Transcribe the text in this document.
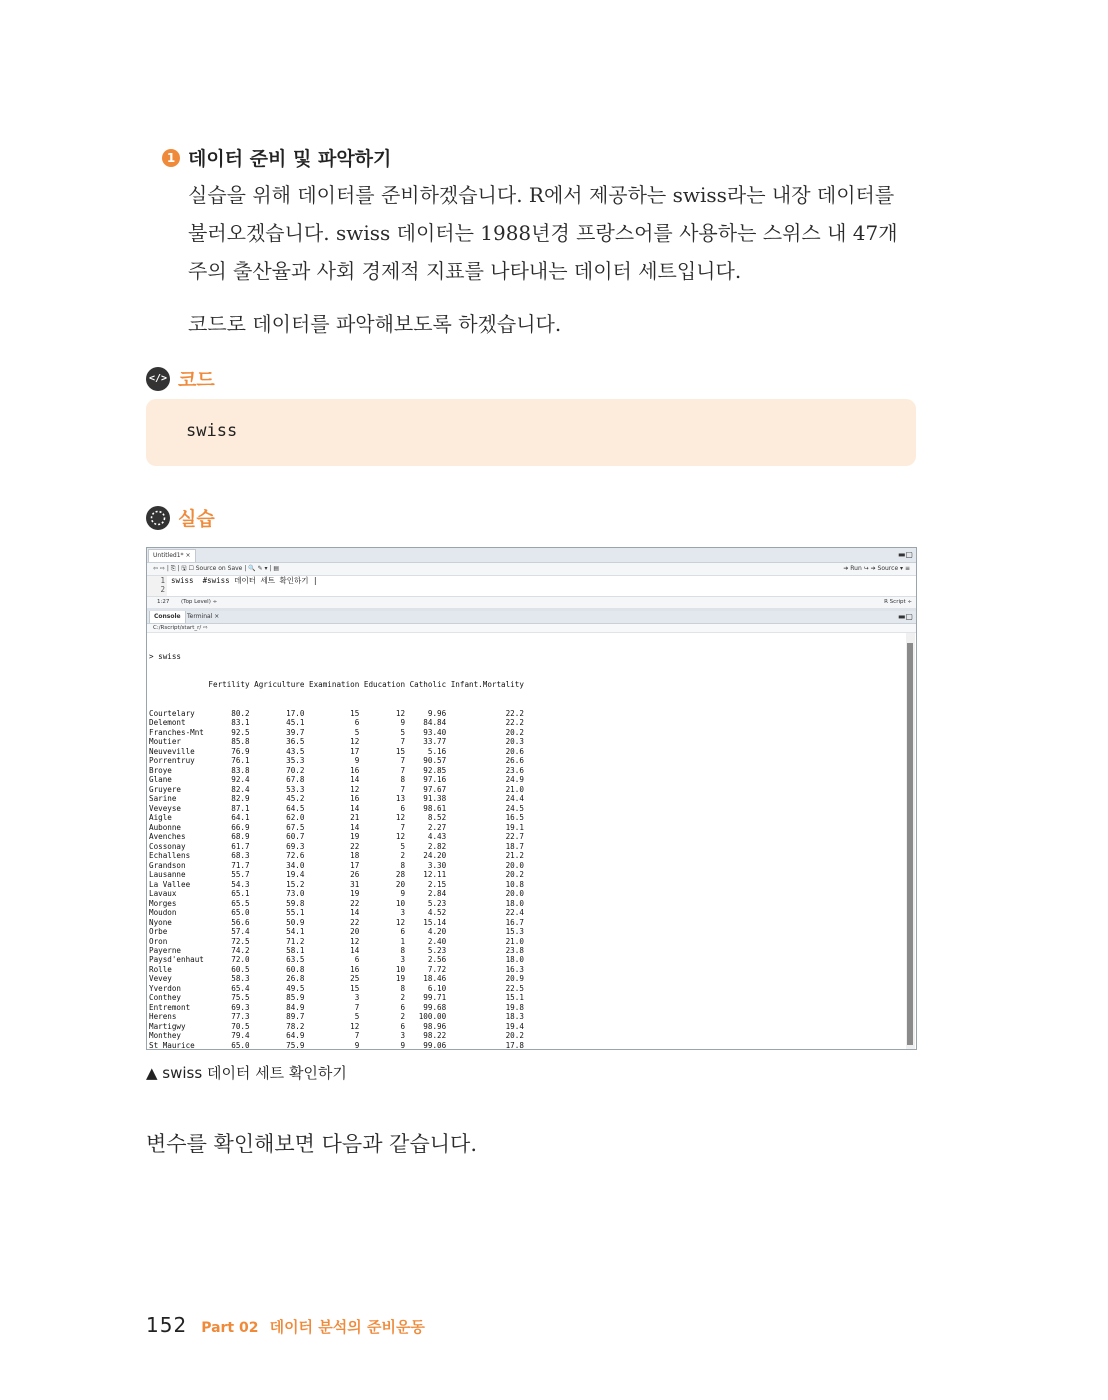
1 데이터 준비 및 파악하기
실습을 위해 데이터를 준비하겠습니다. R에서 제공하는 swiss라는 내장 데이터를 불러오겠습니다. swiss 데이터는 1988년경 프랑스어를 사용하는 스위스 내 47개 주의 출산율과 사회 경제적 지표를 나타내는 데이터 세트입니다.
코드로 데이터를 파악해보도록 하겠습니다.
</> 코드
swiss
실습
Untitled1* ×	▬▢
⇦ ⇨ | ⎘ | 🖫 ☐ Source on Save | 🔍 ✎ ▾ | ▤	➔ Run ↪ ➔ Source ▾ ≡
1
2
swiss  #swiss 데이터 세트 확인하기 |

1:27 (Top Level) ÷	R Script ÷
Console	Terminal ×	▬▢
C:/Rscript/start_r/ ⇨

> swiss

Fertility Agriculture Examination Education Catholic Infant.Mortality

Courtelary        80.2        17.0          15        12     9.96             22.2
Delemont          83.1        45.1           6         9    84.84             22.2
Franches-Mnt      92.5        39.7           5         5    93.40             20.2
Moutier           85.8        36.5          12         7    33.77             20.3
Neuveville        76.9        43.5          17        15     5.16             20.6
Porrentruy        76.1        35.3           9         7    90.57             26.6
Broye             83.8        70.2          16         7    92.85             23.6
Glane             92.4        67.8          14         8    97.16             24.9
Gruyere           82.4        53.3          12         7    97.67             21.0
Sarine            82.9        45.2          16        13    91.38             24.4
Veveyse           87.1        64.5          14         6    98.61             24.5
Aigle             64.1        62.0          21        12     8.52             16.5
Aubonne           66.9        67.5          14         7     2.27             19.1
Avenches          68.9        60.7          19        12     4.43             22.7
Cossonay          61.7        69.3          22         5     2.82             18.7
Echallens         68.3        72.6          18         2    24.20             21.2
Grandson          71.7        34.0          17         8     3.30             20.0
Lausanne          55.7        19.4          26        28    12.11             20.2
La Vallee         54.3        15.2          31        20     2.15             10.8
Lavaux            65.1        73.0          19         9     2.84             20.0
Morges            65.5        59.8          22        10     5.23             18.0
Moudon            65.0        55.1          14         3     4.52             22.4
Nyone             56.6        50.9          22        12    15.14             16.7
Orbe              57.4        54.1          20         6     4.20             15.3
Oron              72.5        71.2          12         1     2.40             21.0
Payerne           74.2        58.1          14         8     5.23             23.8
Paysd'enhaut      72.0        63.5           6         3     2.56             18.0
Rolle             60.5        60.8          16        10     7.72             16.3
Vevey             58.3        26.8          25        19    18.46             20.9
Yverdon           65.4        49.5          15         8     6.10             22.5
Conthey           75.5        85.9           3         2    99.71             15.1
Entremont         69.3        84.9           7         6    99.68             19.8
Herens            77.3        89.7           5         2   100.00             18.3
Martigwy          70.5        78.2          12         6    98.96             19.4
Monthey           79.4        64.9           7         3    98.22             20.2
St Maurice        65.0        75.9           9         9    99.06             17.8

▲ swiss 데이터 세트 확인하기
변수를 확인해보면 다음과 같습니다.
152 Part 02 데이터 분석의 준비운동
